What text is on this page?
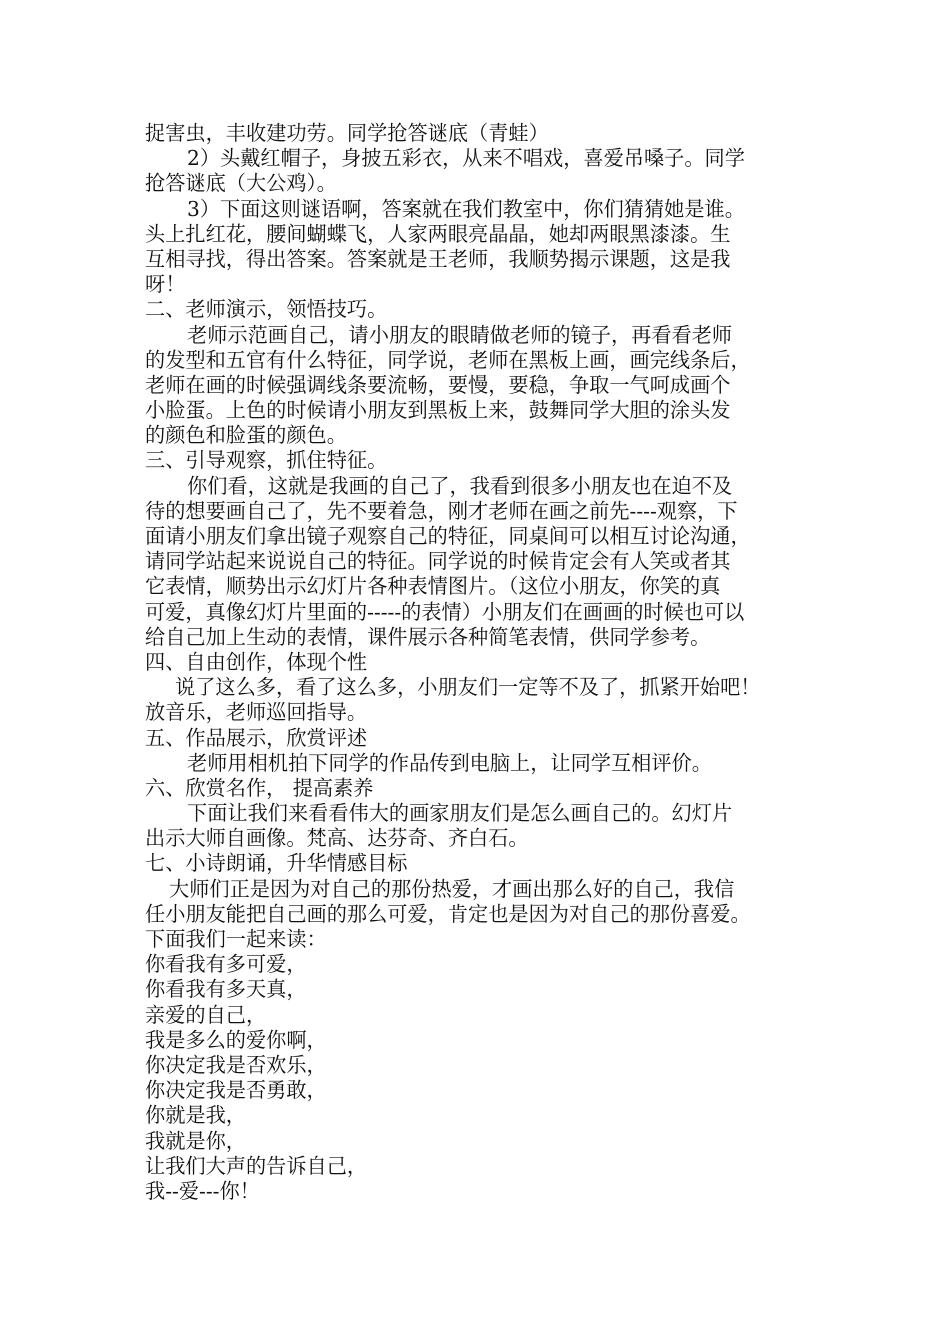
捉害虫，丰收建功劳。同学抢答谜底（青蛙）
2）头戴红帽子，身披五彩衣，从来不唱戏，喜爱吊嗓子。同学
抢答谜底（大公鸡）。
3）下面这则谜语啊，答案就在我们教室中，你们猜猜她是谁。
头上扎红花，腰间蝴蝶飞，人家两眼亮晶晶，她却两眼黑漆漆。生
互相寻找，得出答案。答案就是王老师，我顺势揭示课题，这是我
呀！
二、老师演示，领悟技巧。
老师示范画自己，请小朋友的眼睛做老师的镜子，再看看老师
的发型和五官有什么特征，同学说，老师在黑板上画，画完线条后，
老师在画的时候强调线条要流畅，要慢，要稳，争取一气呵成画个
小脸蛋。上色的时候请小朋友到黑板上来，鼓舞同学大胆的涂头发
的颜色和脸蛋的颜色。
三、引导观察，抓住特征。
你们看，这就是我画的自己了，我看到很多小朋友也在迫不及
待的想要画自己了，先不要着急，刚才老师在画之前先----观察，下
面请小朋友们拿出镜子观察自己的特征，同桌间可以相互讨论沟通，
请同学站起来说说自己的特征。同学说的时候肯定会有人笑或者其
它表情，顺势出示幻灯片各种表情图片。（这位小朋友，你笑的真
可爱，真像幻灯片里面的-----的表情）小朋友们在画画的时候也可以
给自己加上生动的表情，课件展示各种简笔表情，供同学参考。
四、自由创作，体现个性
说了这么多，看了这么多，小朋友们一定等不及了，抓紧开始吧！
放音乐，老师巡回指导。
五、作品展示，欣赏评述
老师用相机拍下同学的作品传到电脑上，让同学互相评价。
六、欣赏名作， 提高素养
下面让我们来看看伟大的画家朋友们是怎么画自己的。幻灯片
出示大师自画像。梵高、达芬奇、齐白石。
七、小诗朗诵，升华情感目标
大师们正是因为对自己的那份热爱，才画出那么好的自己，我信
任小朋友能把自己画的那么可爱，肯定也是因为对自己的那份喜爱。
下面我们一起来读：
你看我有多可爱，
你看我有多天真，
亲爱的自己，
我是多么的爱你啊，
你决定我是否欢乐，
你决定我是否勇敢，
你就是我，
我就是你，
让我们大声的告诉自己，
我--爱---你！
